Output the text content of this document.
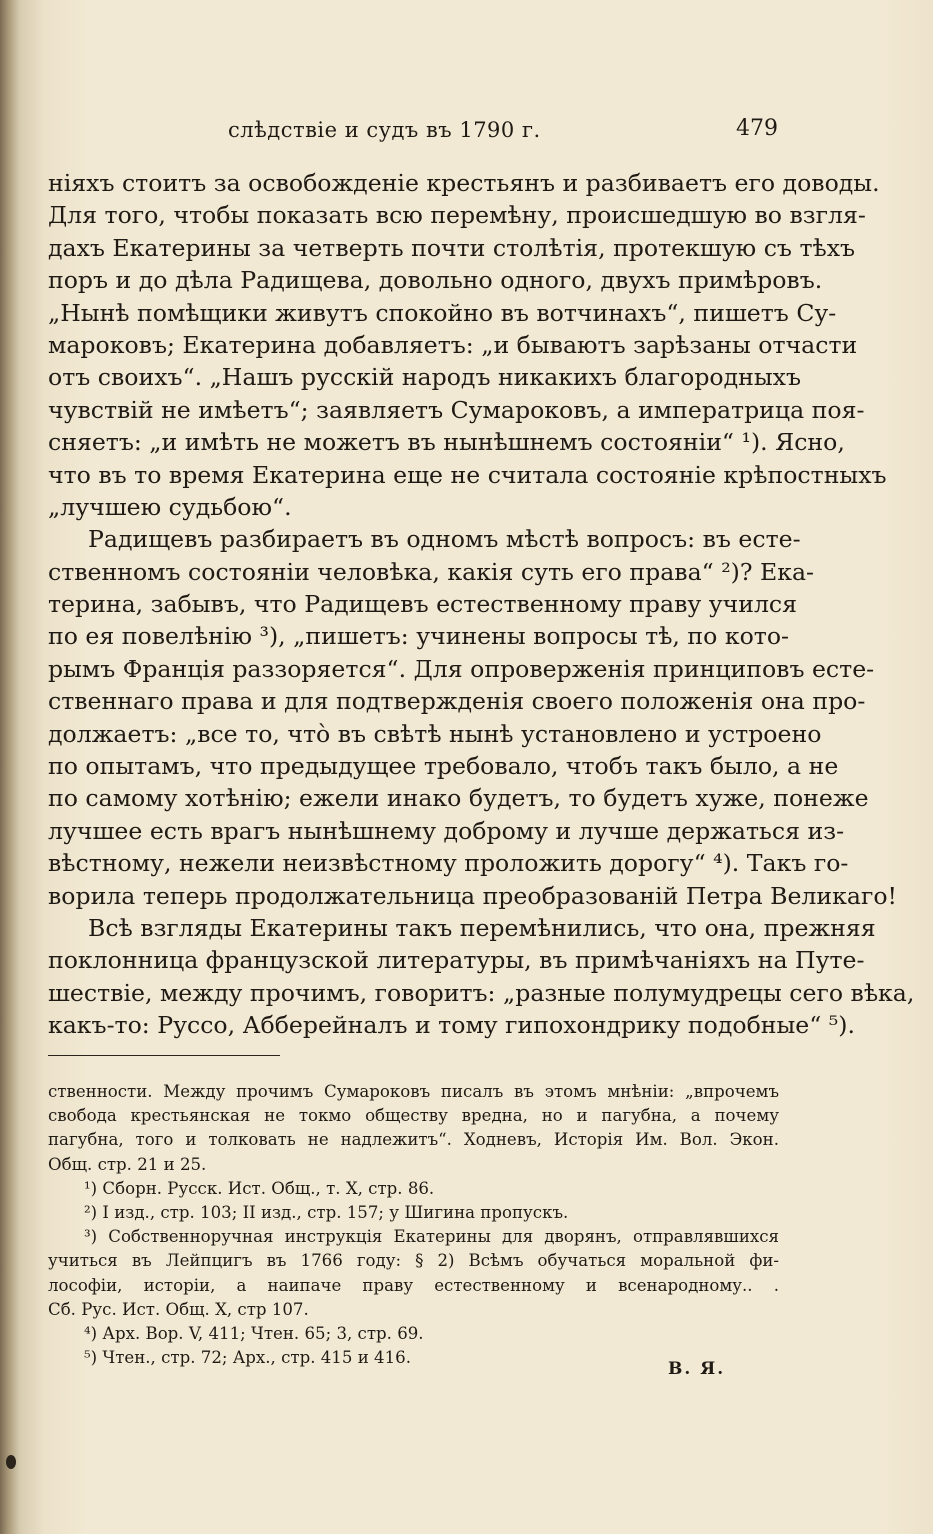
слѣдствіе и судъ въ 1790 г.	479
ніяхъ стоитъ за освобожденіе крестьянъ и разбиваетъ его доводы.
Для того, чтобы показать всю перемѣну, происшедшую во взгля-
дахъ Екатерины за четверть почти столѣтія, протекшую съ тѣхъ
поръ и до дѣла Радищева, довольно одного, двухъ примѣровъ.
„Нынѣ помѣщики живутъ спокойно въ вотчинахъ“, пишетъ Су-
мароковъ; Екатерина добавляетъ: „и бываютъ зарѣзаны отчасти
отъ своихъ“. „Нашъ русскій народъ никакихъ благородныхъ
чувствій не имѣетъ“; заявляетъ Сумароковъ, а императрица поя-
сняетъ: „и имѣть не можетъ въ нынѣшнемъ состояніи“ ¹). Ясно,
что въ то время Екатерина еще не считала состояніе крѣпостныхъ
„лучшею судьбою“.
Радищевъ разбираетъ въ одномъ мѣстѣ вопросъ: въ есте-
ственномъ состояніи человѣка, какія суть его права“ ²)? Ека-
терина, забывъ, что Радищевъ естественному праву учился
по ея повелѣнію ³), „пишетъ: учинены вопросы тѣ, по кото-
рымъ Франція раззоряется“. Для опроверженія принциповъ есте-
ственнаго права и для подтвержденія своего положенія она про-
должаетъ: „все то, что̀ въ свѣтѣ нынѣ установлено и устроено
по опытамъ, что предыдущее требовало, чтобъ такъ было, а не
по самому хотѣнію; ежели инако будетъ, то будетъ хуже, понеже
лучшее есть врагъ нынѣшнему доброму и лучше держаться из-
вѣстному, нежели неизвѣстному проложить дорогу“ ⁴). Такъ го-
ворила теперь продолжательница преобразованій Петра Великаго!
Всѣ взгляды Екатерины такъ перемѣнились, что она, прежняя
поклонница французской литературы, въ примѣчаніяхъ на Путе-
шествіе, между прочимъ, говоритъ: „разные полумудрецы сего вѣка,
какъ-то: Руссо, Абберейналъ и тому гипохондрику подобные“ ⁵).
ственности. Между прочимъ Сумароковъ писалъ въ этомъ мнѣніи: „впрочемъ
свобода крестьянская не токмо обществу вредна, но и пагубна, а почему
пагубна, того и толковать не надлежитъ“. Ходневъ, Исторія Им. Вол. Экон.
Общ. стр. 21 и 25.
¹) Сборн. Русск. Ист. Общ., т. X, стр. 86.
²) I изд., стр. 103; II изд., стр. 157; у Шигина пропускъ.
³) Собственноручная инструкція Екатерины для дворянъ, отправлявшихся
учиться въ Лейпцигъ въ 1766 году: § 2) Всѣмъ обучаться моральной фи-
лософіи, исторіи, а наипаче праву естественному и всенародному.. .
Сб. Рус. Ист. Общ. X, стр 107.
⁴) Арх. Вор. V, 411; Чтен. 65; 3, стр. 69.
⁵) Чтен., стр. 72; Арх., стр. 415 и 416.
В. Я.
